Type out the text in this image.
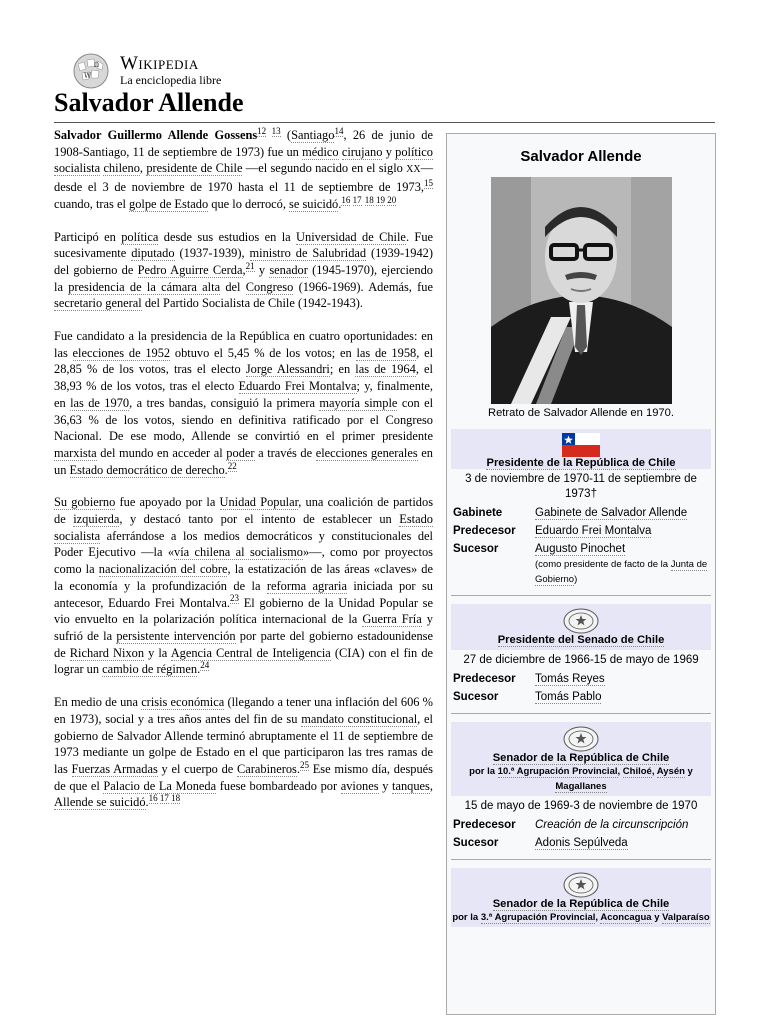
W
Ω Wikipedia
La enciclopedia libre
Salvador Allende

Salvador Guillermo Allende Gossens$^{12 13}$ (Santiago$^{14}$, 26 de junio de 1908-Santiago, 11 de septiembre de 1973) fue un médico cirujano y político socialista chileno, presidente de Chile —el segundo nacido en el siglo XX— desde el 3 de noviembre de 1970 hasta el 11 de septiembre de 1973,15 cuando, tras el golpe de Estado que lo derrocó, se suicidó.$^{16 17}$ $^{18 19 20}$

Participó en política desde sus estudios en la Universidad de Chile. Fue sucesivamente diputado (1937-1939), ministro de Salubridad (1939-1942) del gobierno de Pedro Aguirre Cerda,$^{21}$ y senador (1945-1970), ejerciendo la presidencia de la cámara alta del Congreso (1966-1969). Además, fue secretario general del Partido Socialista de Chile (1942-1943).

Fue candidato a la presidencia de la República en cuatro oportunidades: en las elecciones de 1952 obtuvo el 5,45 % de los votos; en las de 1958, el 28,85 % de los votos, tras el electo Jorge Alessandri; en las de 1964, el 38,93 % de los votos, tras el electo Eduardo Frei Montalva; y, finalmente, en las de 1970, a tres bandas, consiguió la primera mayoría simple con el 36,63 % de los votos, siendo en definitiva ratificado por el Congreso Nacional. De ese modo, Allende se convirtió en el primer presidente marxista del mundo en acceder al poder a través de elecciones generales en un Estado democrático de derecho.$^{22}$

Su gobierno fue apoyado por la Unidad Popular, una coalición de partidos de izquierda, y destacó tanto por el intento de establecer un Estado socialista aferrándose a los medios democráticos y constitucionales del Poder Ejecutivo —la «vía chilena al socialismo»—, como por proyectos como la nacionalización del cobre, la estatización de las áreas «claves» de la economía y la profundización de la reforma agraria iniciada por su antecesor, Eduardo Frei Montalva.$^{23}$ El gobierno de la Unidad Popular se vio envuelto en la polarización política internacional de la Guerra Fría y sufrió de la persistente intervención por parte del gobierno estadounidense de Richard Nixon y la Agencia Central de Inteligencia (CIA) con el fin de lograr un cambio de régimen.$^{24}$

En medio de una crisis económica (llegando a tener una inflación del 606 % en 1973), social y a tres años antes del fin de su mandato constitucional, el gobierno de Salvador Allende terminó abruptamente el 11 de septiembre de 1973 mediante un golpe de Estado en el que participaron las tres ramas de las Fuerzas Armadas y el cuerpo de Carabineros.$^{25}$ Ese mismo día, después de que el Palacio de La Moneda fuese bombardeado por aviones y tanques, Allende se suicidó.$^{16 17 18}$

Salvador Allende
Retrato de Salvador Allende en 1970.
Presidente de la República de Chile
3 de noviembre de 1970-11 de septiembre de 1973†
Gabinete	Gabinete de Salvador Allende
Predecesor	Eduardo Frei Montalva
Sucesor	Augusto Pinochet
(como presidente de facto de la Junta de Gobierno)
Presidente del Senado de Chile
27 de diciembre de 1966-15 de mayo de 1969
Predecesor	Tomás Reyes
Sucesor	Tomás Pablo
Senador de la República de Chile
por la 10.ª Agrupación Provincial, Chiloé, Aysén y Magallanes
15 de mayo de 1969-3 de noviembre de 1970
Predecesor	Creación de la circunscripción
Sucesor	Adonis Sepúlveda
Senador de la República de Chile
por la 3.ª Agrupación Provincial, Aconcagua y Valparaíso
